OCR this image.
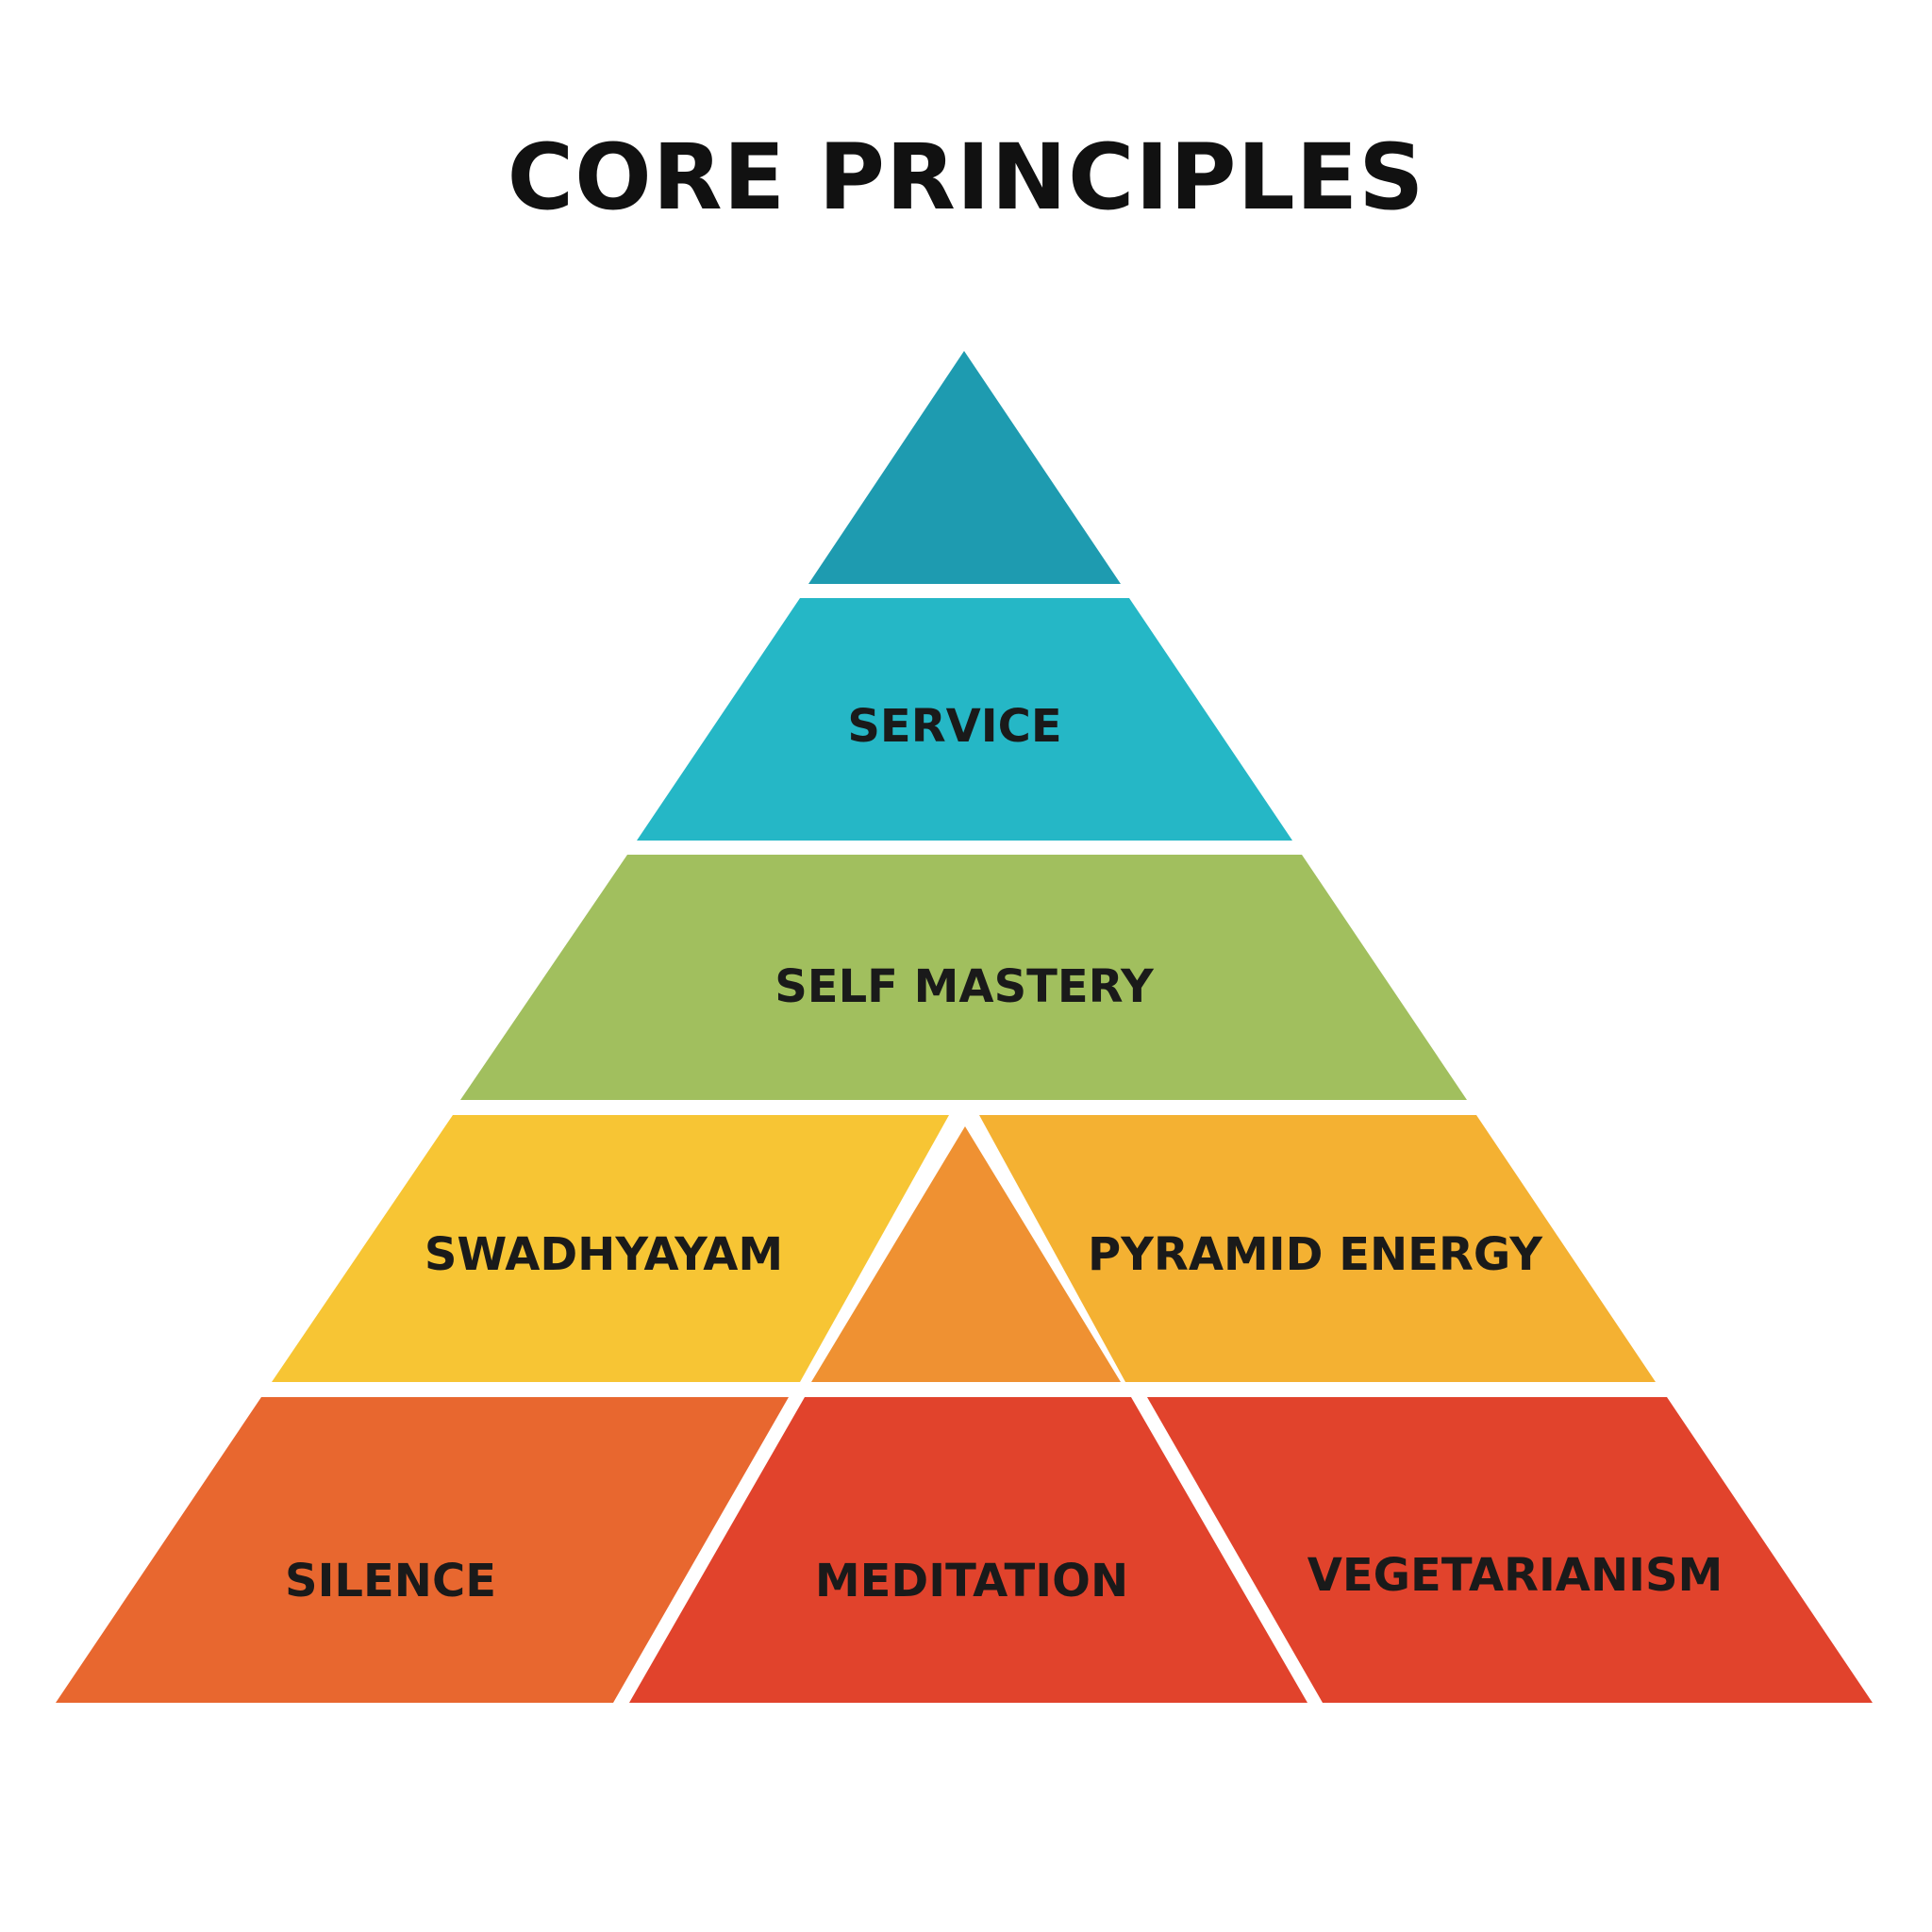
CORE PRINCIPLES
SERVICE
SELF MASTERY
SWADHYAYAM	PYRAMID ENERGY
SILENCE	MEDITATION	VEGETARIANISM
